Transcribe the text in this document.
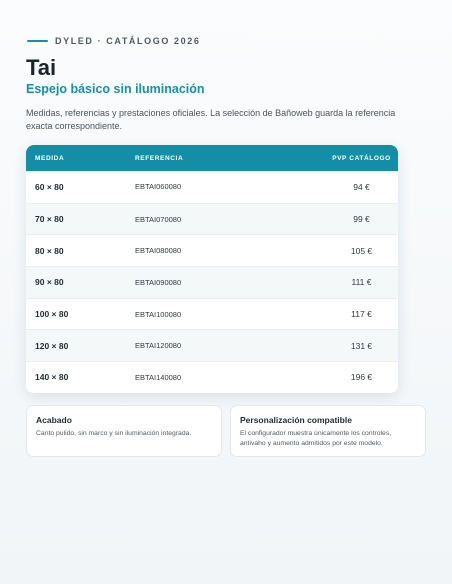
DYLED · CATÁLOGO 2026
Tai
Espejo básico sin iluminación

Medidas, referencias y prestaciones oficiales. La selección de Bañoweb guarda la referencia exacta correspondiente.

MEDIDA	REFERENCIA	PVP CATÁLOGO
60 × 80	EBTAI060080	94 €
70 × 80	EBTAI070080	99 €
80 × 80	EBTAI080080	105 €
90 × 80	EBTAI090080	111 €
100 × 80	EBTAI100080	117 €
120 × 80	EBTAI120080	131 €
140 × 80	EBTAI140080	196 €
Acabado
Canto pulido, sin marco y sin iluminación integrada.
Personalización compatible
El configurador muestra únicamente los controles, antivaho y aumento admitidos por este modelo.
